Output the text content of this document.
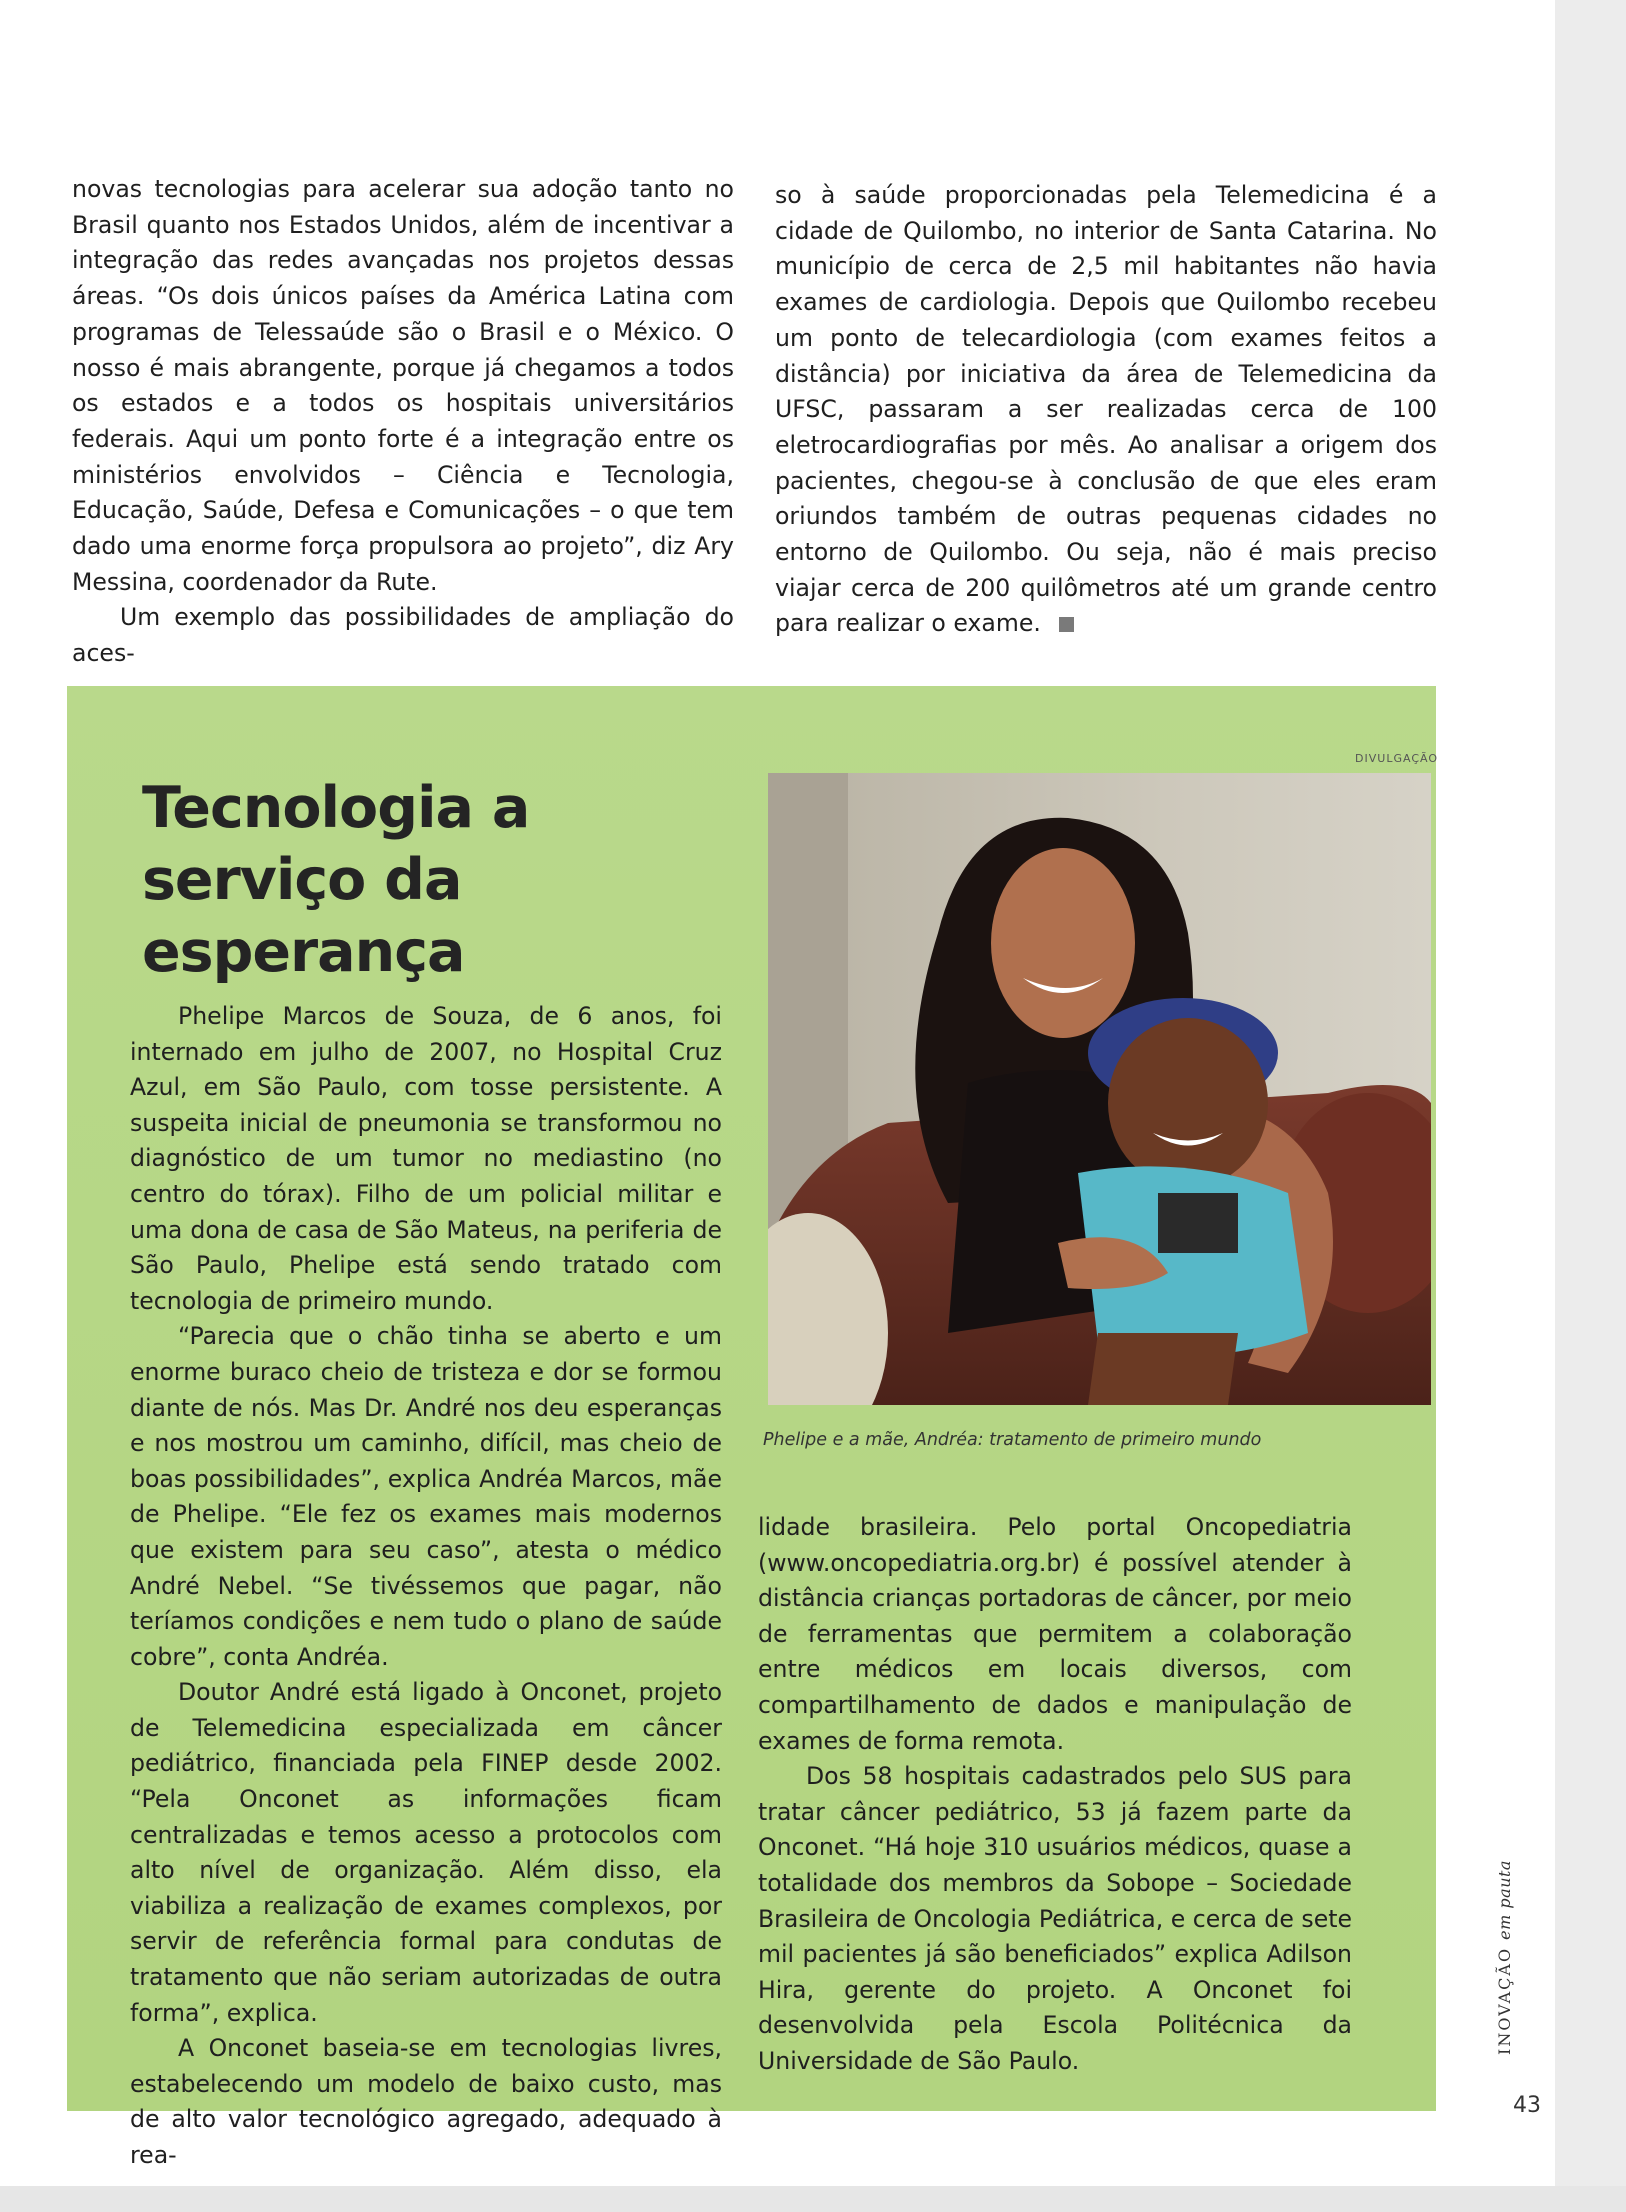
novas tecnologias para acelerar sua adoção tanto no Brasil quanto nos Estados Unidos, além de incentivar a integração das redes avançadas nos projetos dessas áreas. “Os dois únicos países da América Latina com programas de Telessaúde são o Brasil e o México. O nosso é mais abrangente, porque já chegamos a todos os estados e a todos os hospitais universitários federais. Aqui um ponto forte é a integração entre os ministérios envolvidos – Ciência e Tecnologia, Educação, Saúde, Defesa e Comunicações – o que tem dado uma enorme força propulsora ao projeto”, diz Ary Messina, coordenador da Rute.

Um exemplo das possibilidades de ampliação do aces-

so à saúde proporcionadas pela Telemedicina é a cidade de Quilombo, no interior de Santa Catarina. No município de cerca de 2,5 mil habitantes não havia exames de cardiologia. Depois que Quilombo recebeu um ponto de telecardiologia (com exames feitos a distância) por iniciativa da área de Telemedicina da UFSC, passaram a ser realizadas cerca de 100 eletrocardiografias por mês. Ao analisar a origem dos pacientes, chegou-se à conclusão de que eles eram oriundos também de outras pequenas cidades no entorno de Quilombo. Ou seja, não é mais preciso viajar cerca de 200 quilômetros até um grande centro para realizar o exame.

DIVULGAÇÃO
Tecnologia a serviço da esperança
Phelipe e a mãe, Andréa: tratamento de primeiro mundo

Phelipe Marcos de Souza, de 6 anos, foi internado em julho de 2007, no Hospital Cruz Azul, em São Paulo, com tosse persistente. A suspeita inicial de pneumonia se transformou no diagnóstico de um tumor no mediastino (no centro do tórax). Filho de um policial militar e uma dona de casa de São Mateus, na periferia de São Paulo, Phelipe está sendo tratado com tecnologia de primeiro mundo.

“Parecia que o chão tinha se aberto e um enorme buraco cheio de tristeza e dor se formou diante de nós. Mas Dr. André nos deu esperanças e nos mostrou um caminho, difícil, mas cheio de boas possibilidades”, explica Andréa Marcos, mãe de Phelipe. “Ele fez os exames mais modernos que existem para seu caso”, atesta o médico André Nebel. “Se tivéssemos que pagar, não teríamos condições e nem tudo o plano de saúde cobre”, conta Andréa.

Doutor André está ligado à Onconet, projeto de Telemedicina especializada em câncer pediátrico, financiada pela FINEP desde 2002. “Pela Onconet as informações ficam centralizadas e temos acesso a protocolos com alto nível de organização. Além disso, ela viabiliza a realização de exames complexos, por servir de referência formal para condutas de tratamento que não seriam autorizadas de outra forma”, explica.

A Onconet baseia-se em tecnologias livres, estabelecendo um modelo de baixo custo, mas de alto valor tecnológico agregado, adequado à rea-

lidade brasileira. Pelo portal Oncopediatria (www.oncopediatria.org.br) é possível atender à distância crianças portadoras de câncer, por meio de ferramentas que permitem a colaboração entre médicos em locais diversos, com compartilhamento de dados e manipulação de exames de forma remota.

Dos 58 hospitais cadastrados pelo SUS para tratar câncer pediátrico, 53 já fazem parte da Onconet. “Há hoje 310 usuários médicos, quase a totalidade dos membros da Sobope – Sociedade Brasileira de Oncologia Pediátrica, e cerca de sete mil pacientes já são beneficiados” explica Adilson Hira, gerente do projeto. A Onconet foi desenvolvida pela Escola Politécnica da Universidade de São Paulo.

INOVAÇÃO em pauta
43
